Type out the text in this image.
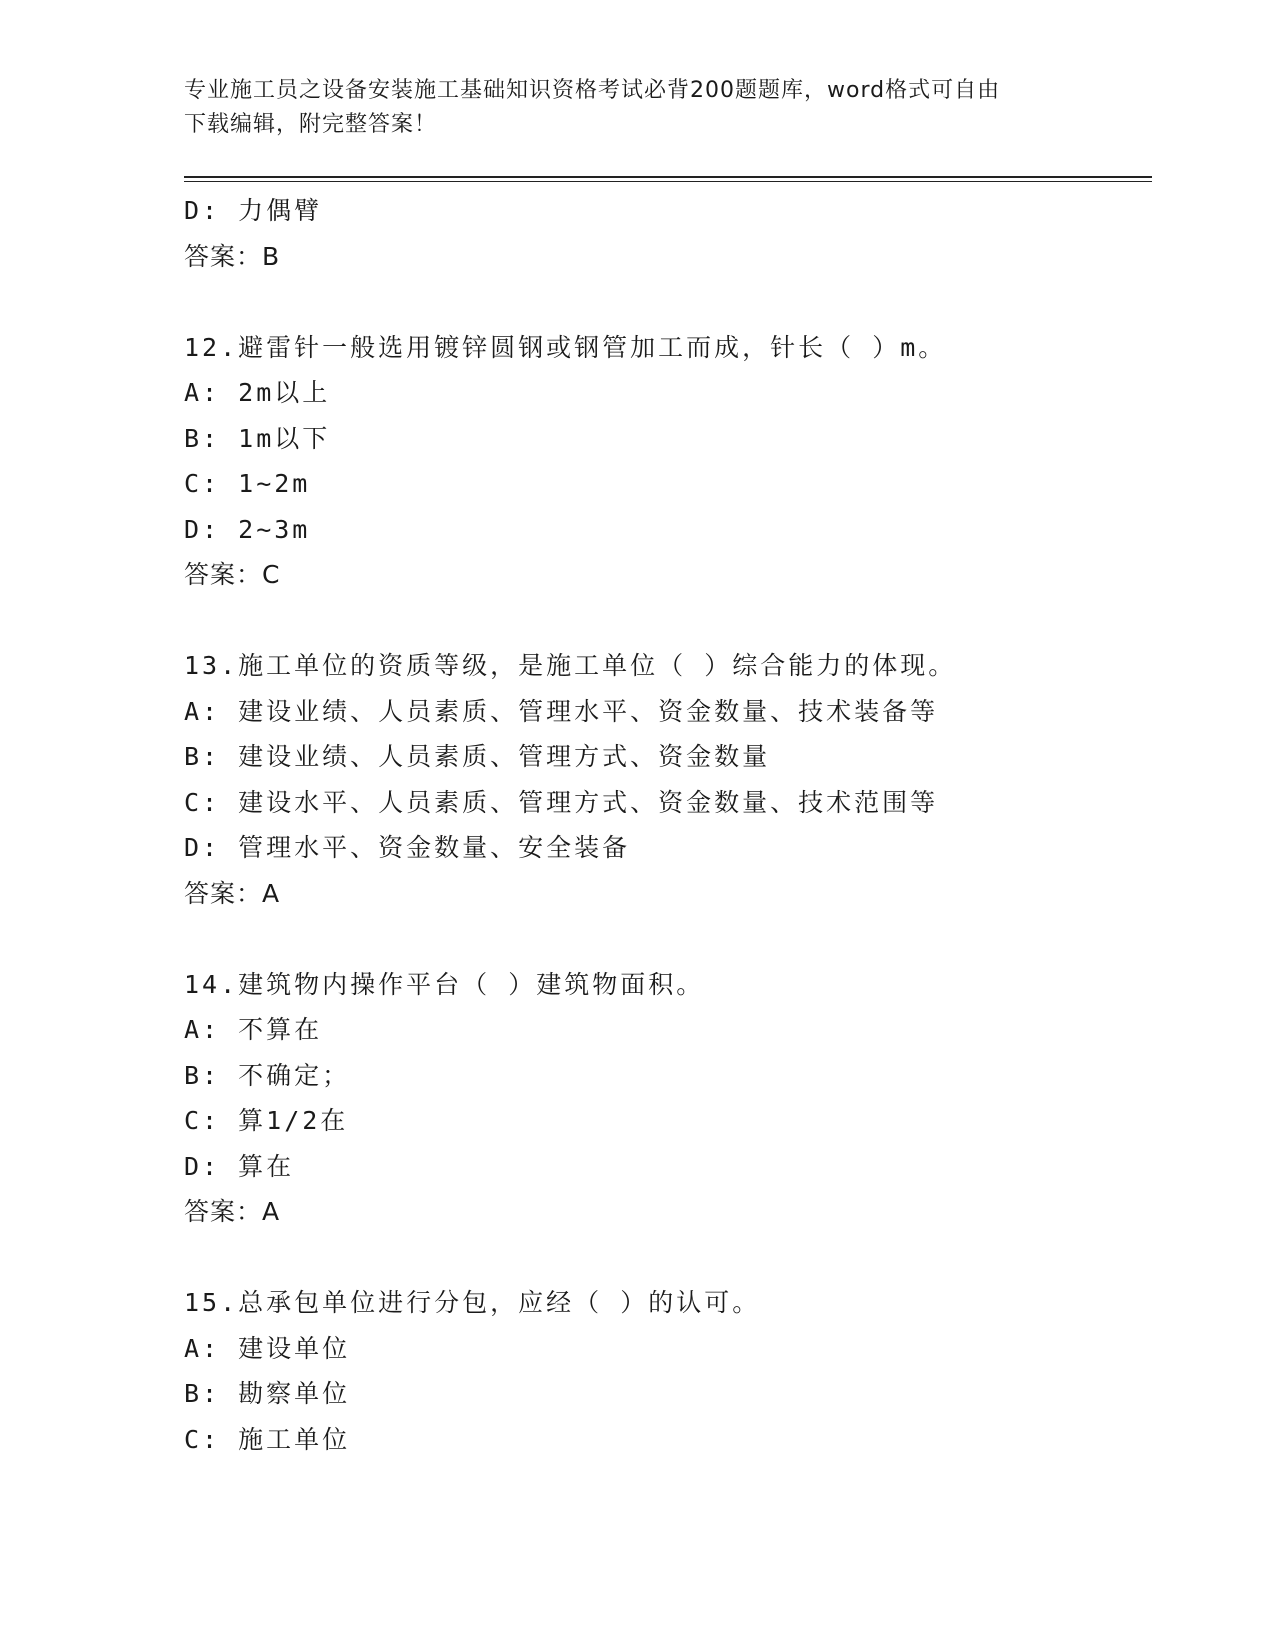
专业施工员之设备安装施工基础知识资格考试必背200题题库，word格式可自由
下载编辑，附完整答案！
D: 力偶臂
答案：B
12.避雷针一般选用镀锌圆钢或钢管加工而成，针长（ ）m。
A: 2m以上
B: 1m以下
C: 1~2m
D: 2~3m
答案：C
13.施工单位的资质等级，是施工单位（ ）综合能力的体现。
A: 建设业绩、人员素质、管理水平、资金数量、技术装备等
B: 建设业绩、人员素质、管理方式、资金数量
C: 建设水平、人员素质、管理方式、资金数量、技术范围等
D: 管理水平、资金数量、安全装备
答案：A
14.建筑物内操作平台（ ）建筑物面积。
A: 不算在
B: 不确定；
C: 算1/2在
D: 算在
答案：A
15.总承包单位进行分包，应经（ ）的认可。
A: 建设单位
B: 勘察单位
C: 施工单位
